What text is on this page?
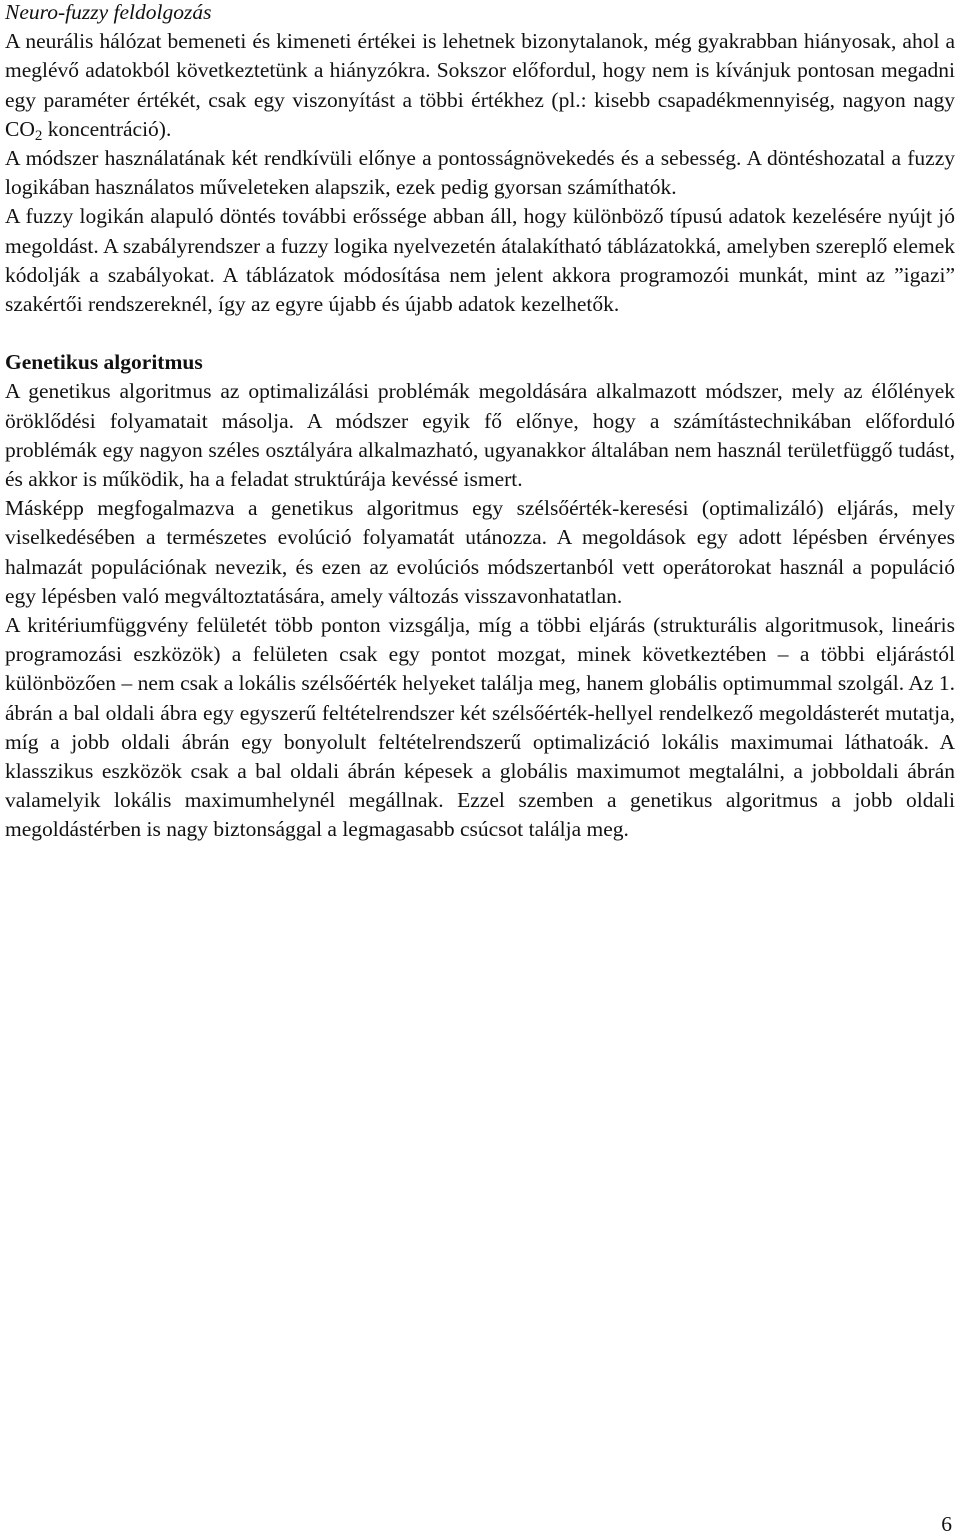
Neuro-fuzzy feldolgozás

A neurális hálózat bemeneti és kimeneti értékei is lehetnek bizonytalanok, még gyakrabban hiányosak, ahol a meglévő adatokból következtetünk a hiányzókra. Sokszor előfordul, hogy nem is kívánjuk pontosan megadni egy paraméter értékét, csak egy viszonyítást a többi értékhez (pl.: kisebb csapadékmennyiség, nagyon nagy $CO_2$ koncentráció).

A módszer használatának két rendkívüli előnye a pontosságnövekedés és a sebesség. A döntéshozatal a fuzzy logikában használatos műveleteken alapszik, ezek pedig gyorsan számíthatók.

A fuzzy logikán alapuló döntés további erőssége abban áll, hogy különböző típusú adatok kezelésére nyújt jó megoldást. A szabályrendszer a fuzzy logika nyelvezetén átalakítható táblázatokká, amelyben szereplő elemek kódolják a szabályokat. A táblázatok módosítása nem jelent akkora programozói munkát, mint az ”igazi” szakértői rendszereknél, így az egyre újabb és újabb adatok kezelhetők.

Genetikus algoritmus

A genetikus algoritmus az optimalizálási problémák megoldására alkalmazott módszer, mely az élőlények öröklődési folyamatait másolja. A módszer egyik fő előnye, hogy a számítástechnikában előforduló problémák egy nagyon széles osztályára alkalmazható, ugyanakkor általában nem használ területfüggő tudást, és akkor is működik, ha a feladat struktúrája kevéssé ismert.

Másképp megfogalmazva a genetikus algoritmus egy szélsőérték-keresési (optimalizáló) eljárás, mely viselkedésében a természetes evolúció folyamatát utánozza. A megoldások egy adott lépésben érvényes halmazát populációnak nevezik, és ezen az evolúciós módszertanból vett operátorokat használ a populáció egy lépésben való megváltoztatására, amely változás visszavonhatatlan.

A kritériumfüggvény felületét több ponton vizsgálja, míg a többi eljárás (strukturális algoritmusok, lineáris programozási eszközök) a felületen csak egy pontot mozgat, minek következtében – a többi eljárástól különbözően – nem csak a lokális szélsőérték helyeket találja meg, hanem globális optimummal szolgál. Az 1. ábrán a bal oldali ábra egy egyszerű feltételrendszer két szélsőérték-hellyel rendelkező megoldásterét mutatja, míg a jobb oldali ábrán egy bonyolult feltételrendszerű optimalizáció lokális maximumai láthatoák. A klasszikus eszközök csak a bal oldali ábrán képesek a globális maximumot megtalálni, a jobboldali ábrán valamelyik lokális maximumhelynél megállnak. Ezzel szemben a genetikus algoritmus a jobb oldali megoldástérben is nagy biztonsággal a legmagasabb csúcsot találja meg.

6
